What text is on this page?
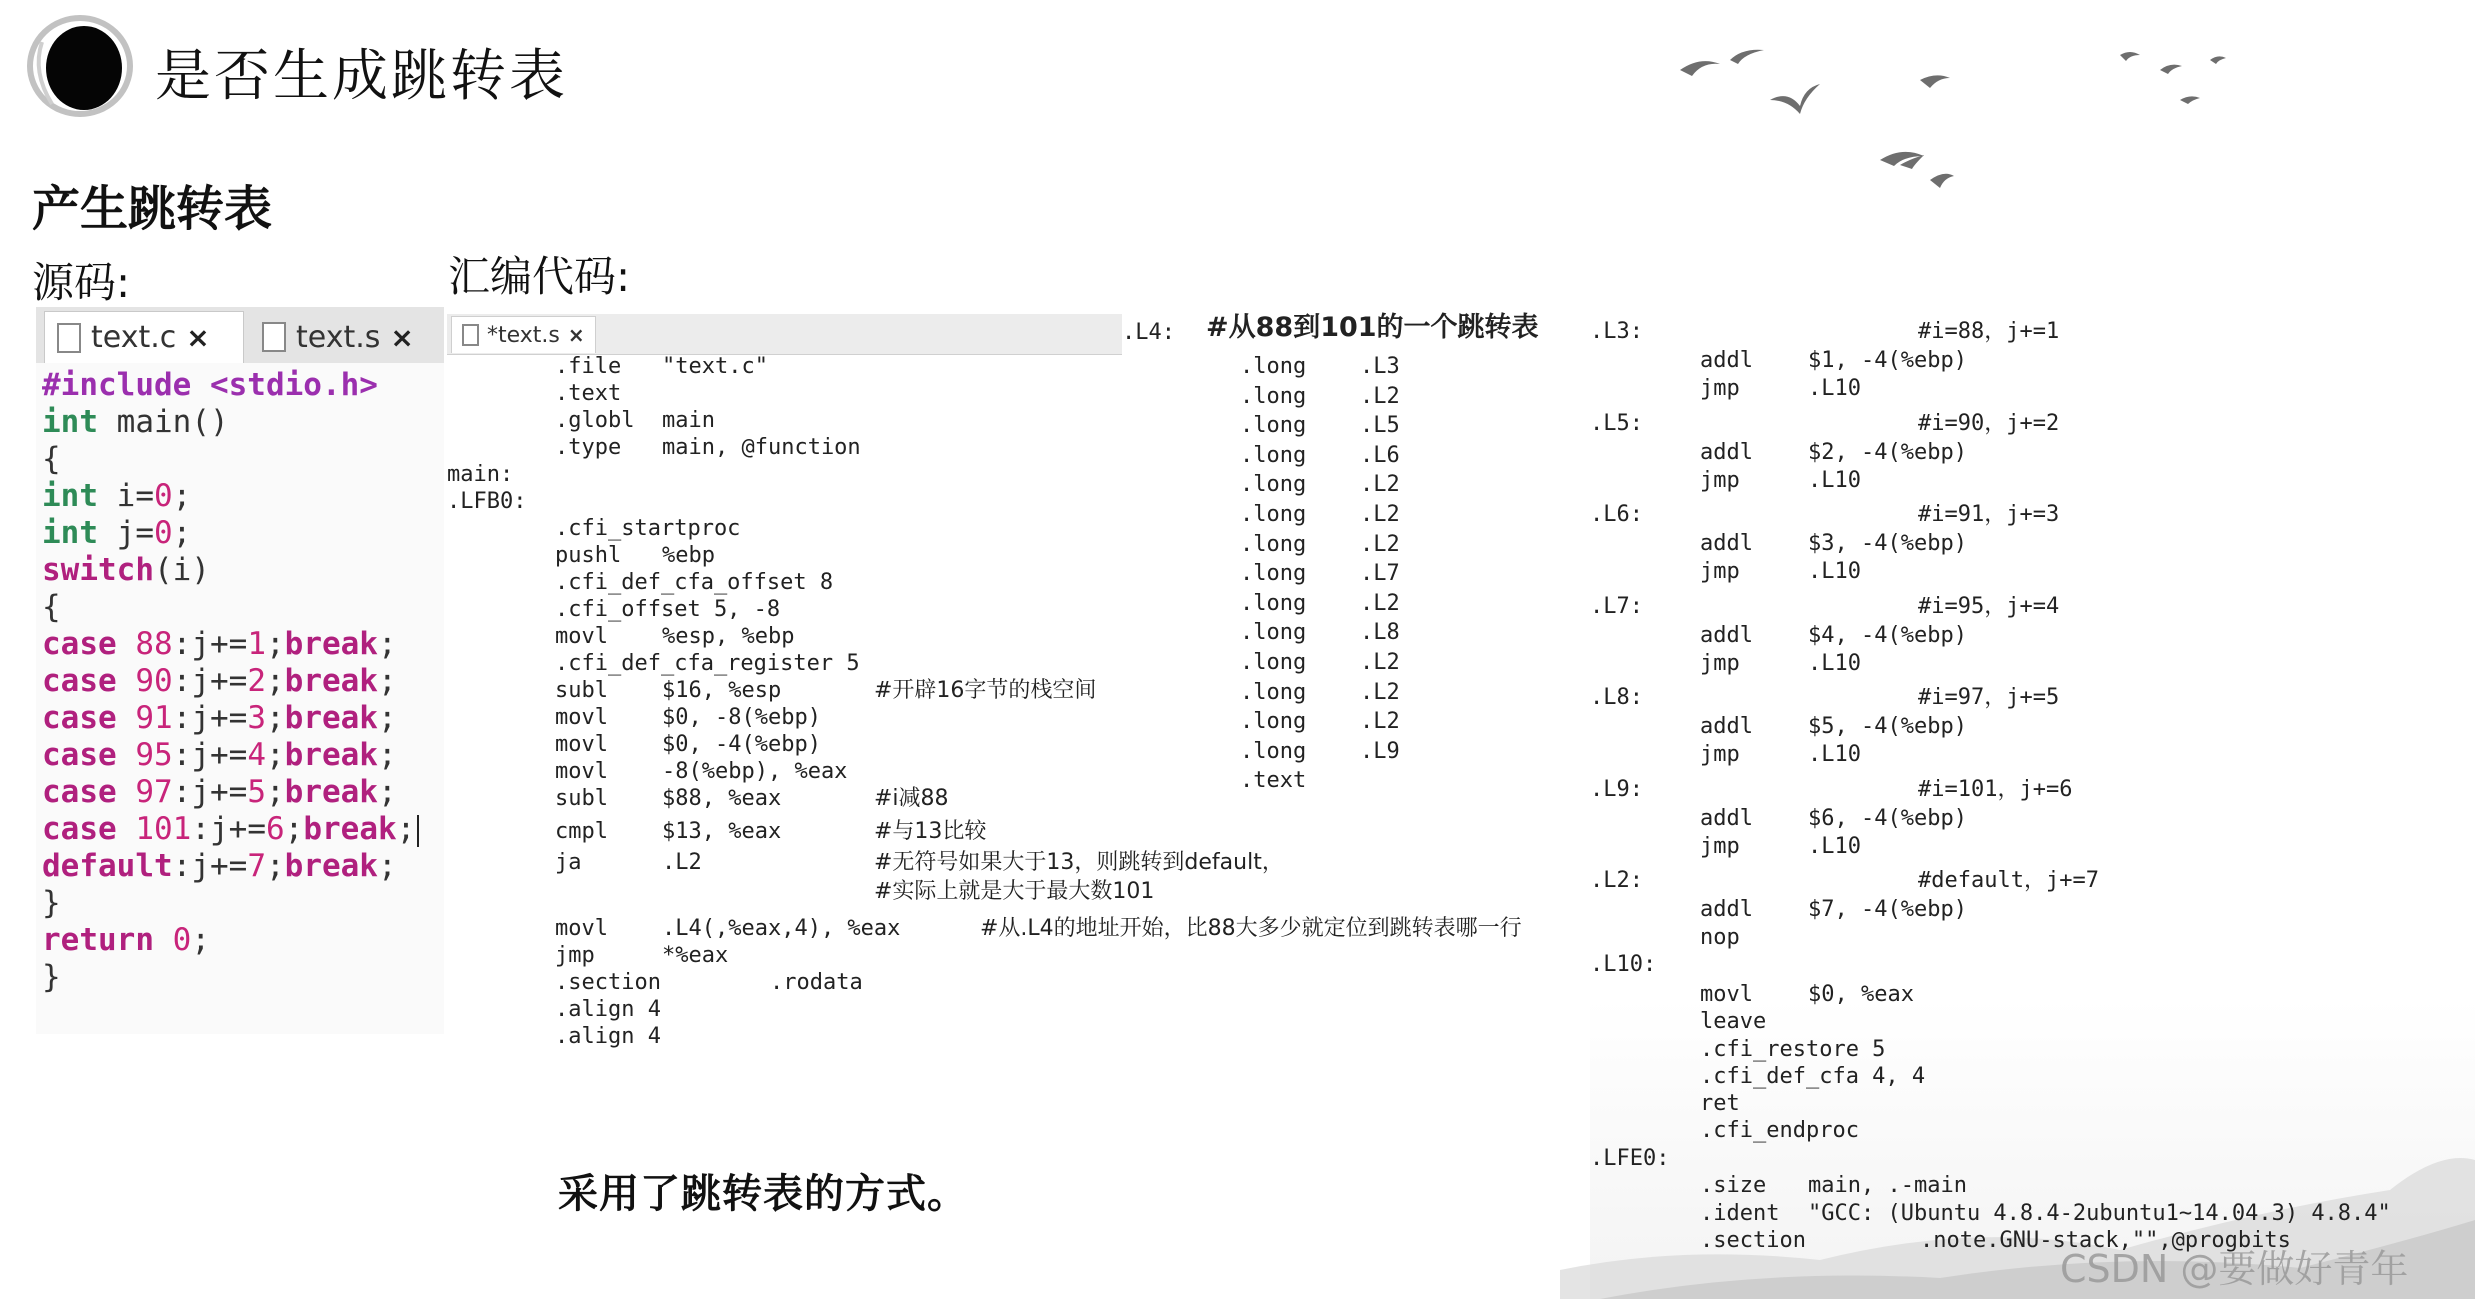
是否生成跳转表
产生跳转表
源码:	汇编代码:
text.c ×	text.s ×
#include <stdio.h>
int main()
{
int i=0;
int j=0;
switch(i)
{
case 88:j+=1;break;
case 90:j+=2;break;
case 91:j+=3;break;
case 95:j+=4;break;
case 97:j+=5;break;
case 101:j+=6;break;
default:j+=7;break;
}
return 0;
}
*text.s ×
.file "text.c"
.text
.globl main
.type main, @function
main:
.LFB0:
.cfi_startproc
pushl %ebp
.cfi_def_cfa_offset 8
.cfi_offset 5, -8
movl %esp, %ebp
.cfi_def_cfa_register 5
subl $16, %esp	#开辟16字节的栈空间
movl $0, -8(%ebp)
movl $0, -4(%ebp)
movl -8(%ebp), %eax
subl $88, %eax	#i减88
cmpl $13, %eax	#与13比较
ja	.L2	#无符号如果大于13，则跳转到default，
#实际上就是大于最大数101
movl .L4(,%eax,4), %eax	#从.L4的地址开始，比88大多少就定位到跳转表哪一行
jmp	*%eax
.section	.rodata
.align 4
.align 4
.L4: #从88到101的一个跳转表
.long .L3
.long .L2
.long .L5
.long .L6
.long .L2
.long .L2
.long .L2
.long .L7
.long .L2
.long .L8
.long .L2
.long .L2
.long .L2
.long .L9
.text
.L3:	#i=88，j+=1
addl	$1, -4(%ebp)
jmp	.L10
.L5:	#i=90，j+=2
addl	$2, -4(%ebp)
jmp	.L10
.L6:	#i=91，j+=3
addl	$3, -4(%ebp)
jmp	.L10
.L7:	#i=95，j+=4
addl	$4, -4(%ebp)
jmp	.L10
.L8:	#i=97，j+=5
addl	$5, -4(%ebp)
jmp	.L10
.L9:	#i=101，j+=6
addl	$6, -4(%ebp)
jmp	.L10
.L2:	#default，j+=7
addl	$7, -4(%ebp)
nop
.L10:
movl	$0, %eax
leave
.cfi_restore 5
.cfi_def_cfa 4, 4
ret
.cfi_endproc
.LFE0:
.size main, .-main
.ident "GCC: (Ubuntu 4.8.4-2ubuntu1~14.04.3) 4.8.4"
.section	.note.GNU-stack,"",@progbits
采用了跳转表的方式。
CSDN @要做好青年
